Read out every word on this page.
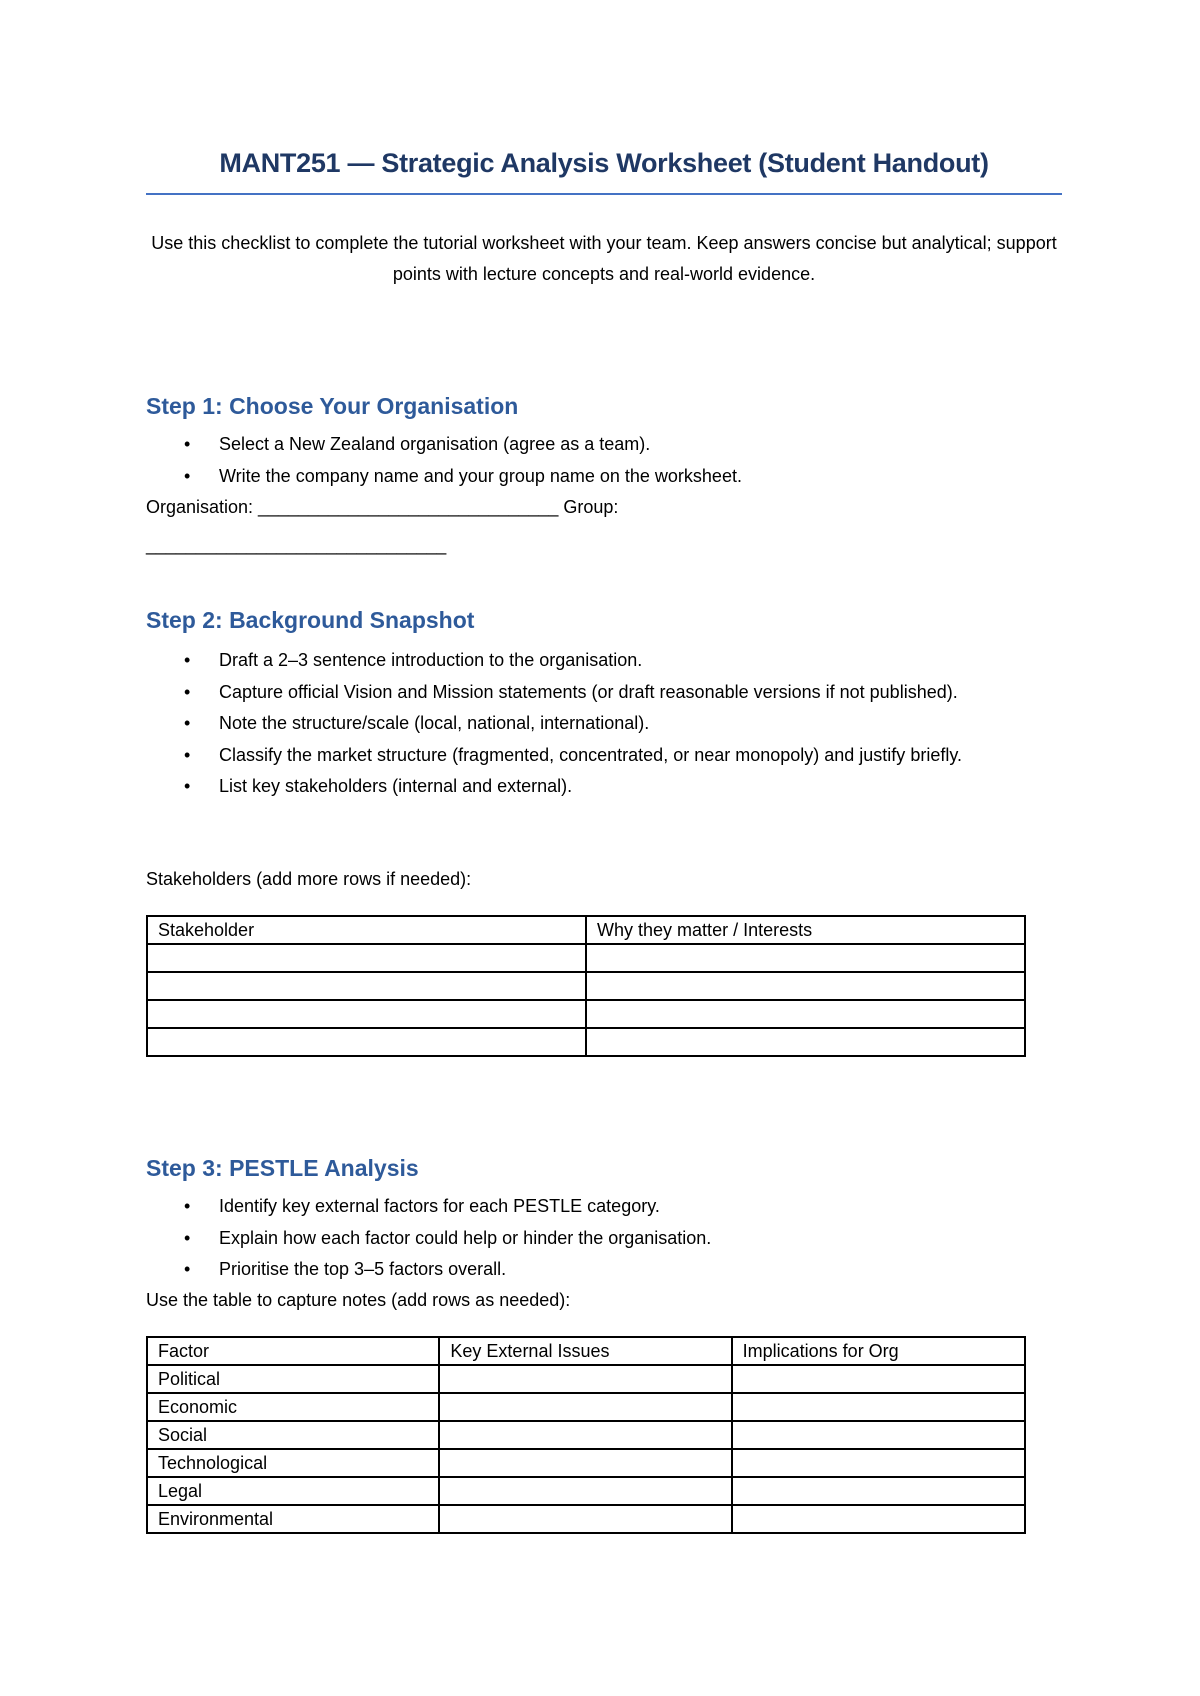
MANT251 — Strategic Analysis Worksheet (Student Handout)
Use this checklist to complete the tutorial worksheet with your team. Keep answers concise but analytical; support points with lecture concepts and real-world evidence.
Step 1: Choose Your Organisation
• Select a New Zealand organisation (agree as a team).
• Write the company name and your group name on the worksheet.
Organisation: ______________________________ Group:
______________________________
Step 2: Background Snapshot
• Draft a 2–3 sentence introduction to the organisation.
• Capture official Vision and Mission statements (or draft reasonable versions if not published).
• Note the structure/scale (local, national, international).
• Classify the market structure (fragmented, concentrated, or near monopoly) and justify briefly.
• List key stakeholders (internal and external).
Stakeholders (add more rows if needed):
Stakeholder	Why they matter / Interests

Step 3: PESTLE Analysis
• Identify key external factors for each PESTLE category.
• Explain how each factor could help or hinder the organisation.
• Prioritise the top 3–5 factors overall.
Use the table to capture notes (add rows as needed):
Factor	Key External Issues	Implications for Org
Political		
Economic		
Social		
Technological		
Legal		
Environmental		
